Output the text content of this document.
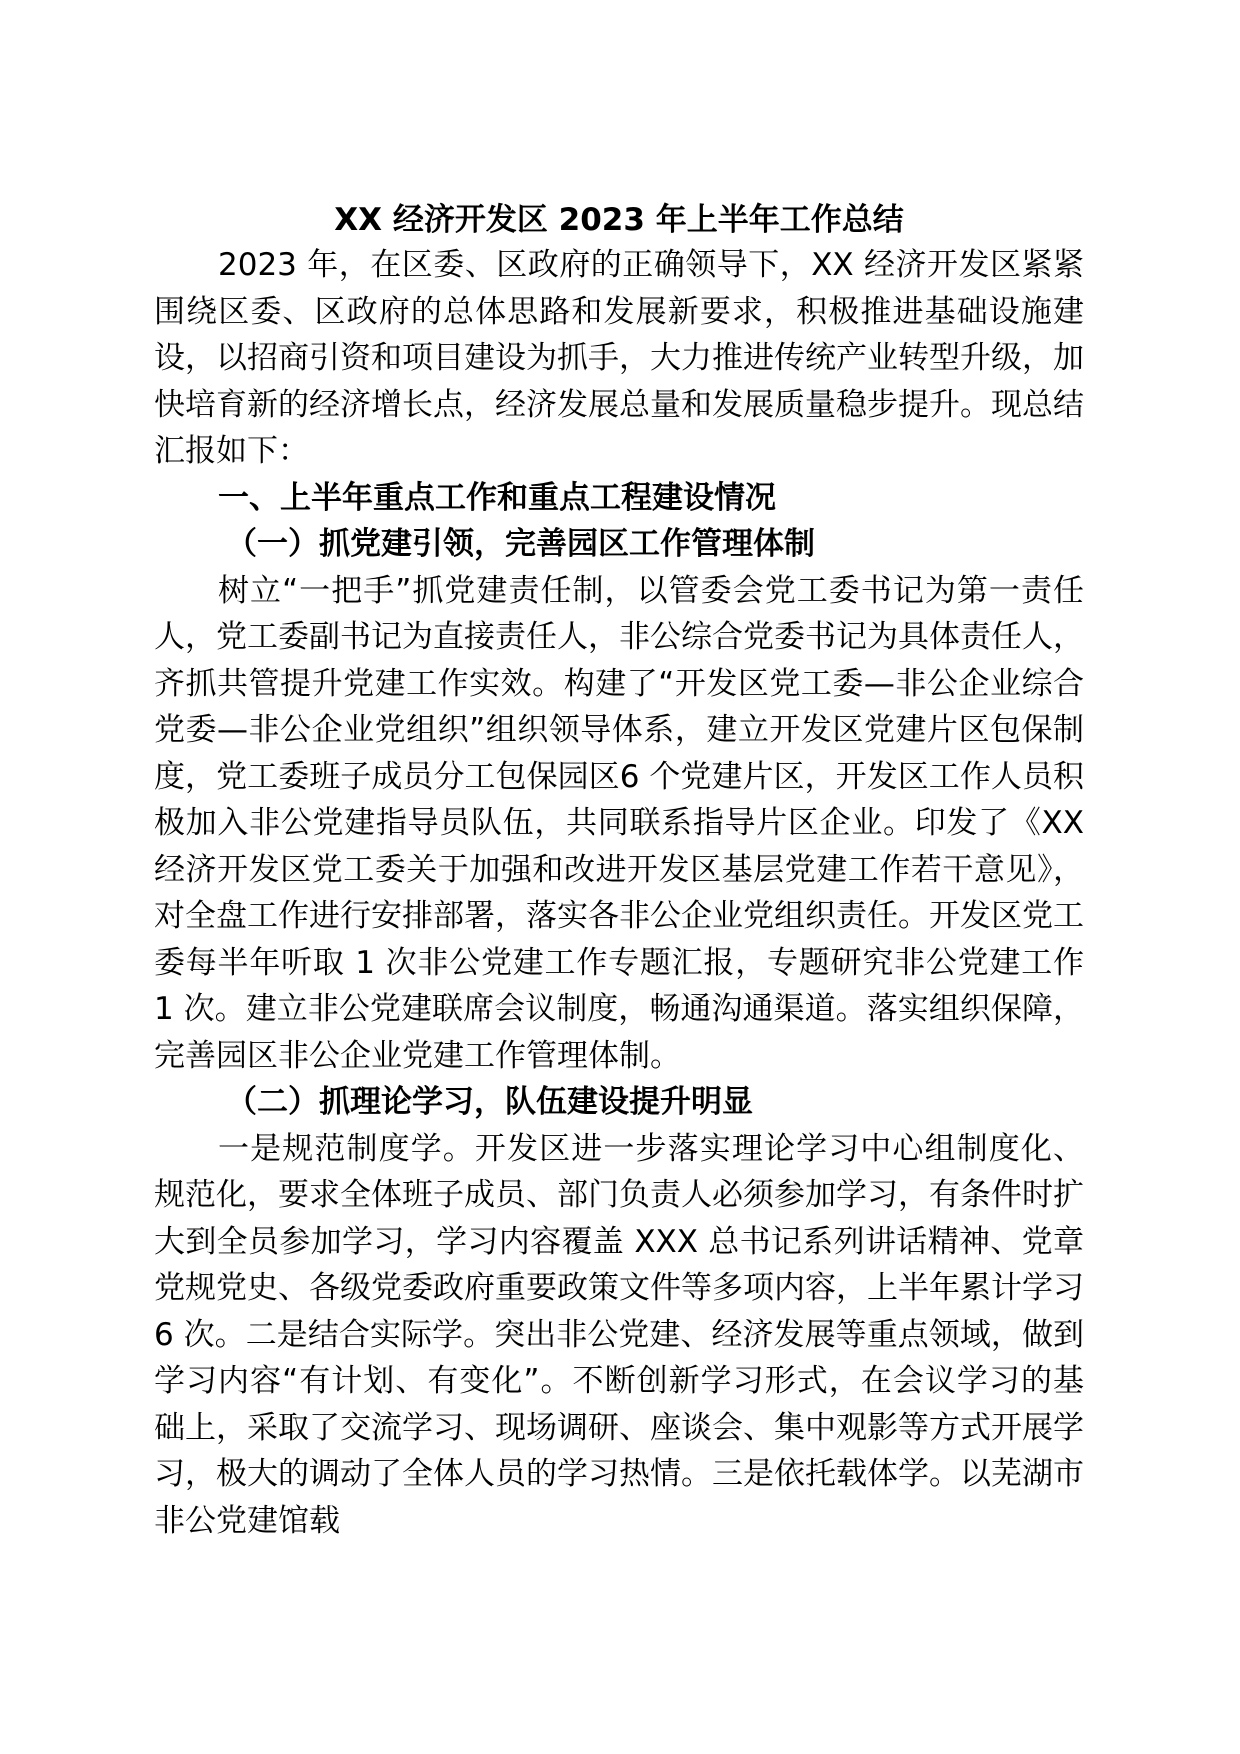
XX 经济开发区 2023 年上半年工作总结

2023 年，在区委、区政府的正确领导下，XX 经济开发区紧紧围绕区委、区政府的总体思路和发展新要求，积极推进基础设施建设，以招商引资和项目建设为抓手，大力推进传统产业转型升级，加快培育新的经济增长点，经济发展总量和发展质量稳步提升。现总结汇报如下：

一、上半年重点工作和重点工程建设情况
（一）抓党建引领，完善园区工作管理体制

树立“一把手”抓党建责任制，以管委会党工委书记为第一责任人，党工委副书记为直接责任人，非公综合党委书记为具体责任人，齐抓共管提升党建工作实效。构建了“开发区党工委—非公企业综合党委—非公企业党组织”组织领导体系，建立开发区党建片区包保制度，党工委班子成员分工包保园区6 个党建片区，开发区工作人员积极加入非公党建指导员队伍，共同联系指导片区企业。印发了《XX 经济开发区党工委关于加强和改进开发区基层党建工作若干意见》，对全盘工作进行安排部署，落实各非公企业党组织责任。开发区党工委每半年听取 1 次非公党建工作专题汇报，专题研究非公党建工作 1 次。建立非公党建联席会议制度，畅通沟通渠道。落实组织保障，完善园区非公企业党建工作管理体制。

（二）抓理论学习，队伍建设提升明显

一是规范制度学。开发区进一步落实理论学习中心组制度化、规范化，要求全体班子成员、部门负责人必须参加学习，有条件时扩大到全员参加学习，学习内容覆盖 XXX 总书记系列讲话精神、党章党规党史、各级党委政府重要政策文件等多项内容，上半年累计学习 6 次。二是结合实际学。突出非公党建、经济发展等重点领域，做到学习内容“有计划、有变化”。不断创新学习形式，在会议学习的基础上，采取了交流学习、现场调研、座谈会、集中观影等方式开展学习，极大的调动了全体人员的学习热情。三是依托载体学。以芜湖市非公党建馆载
